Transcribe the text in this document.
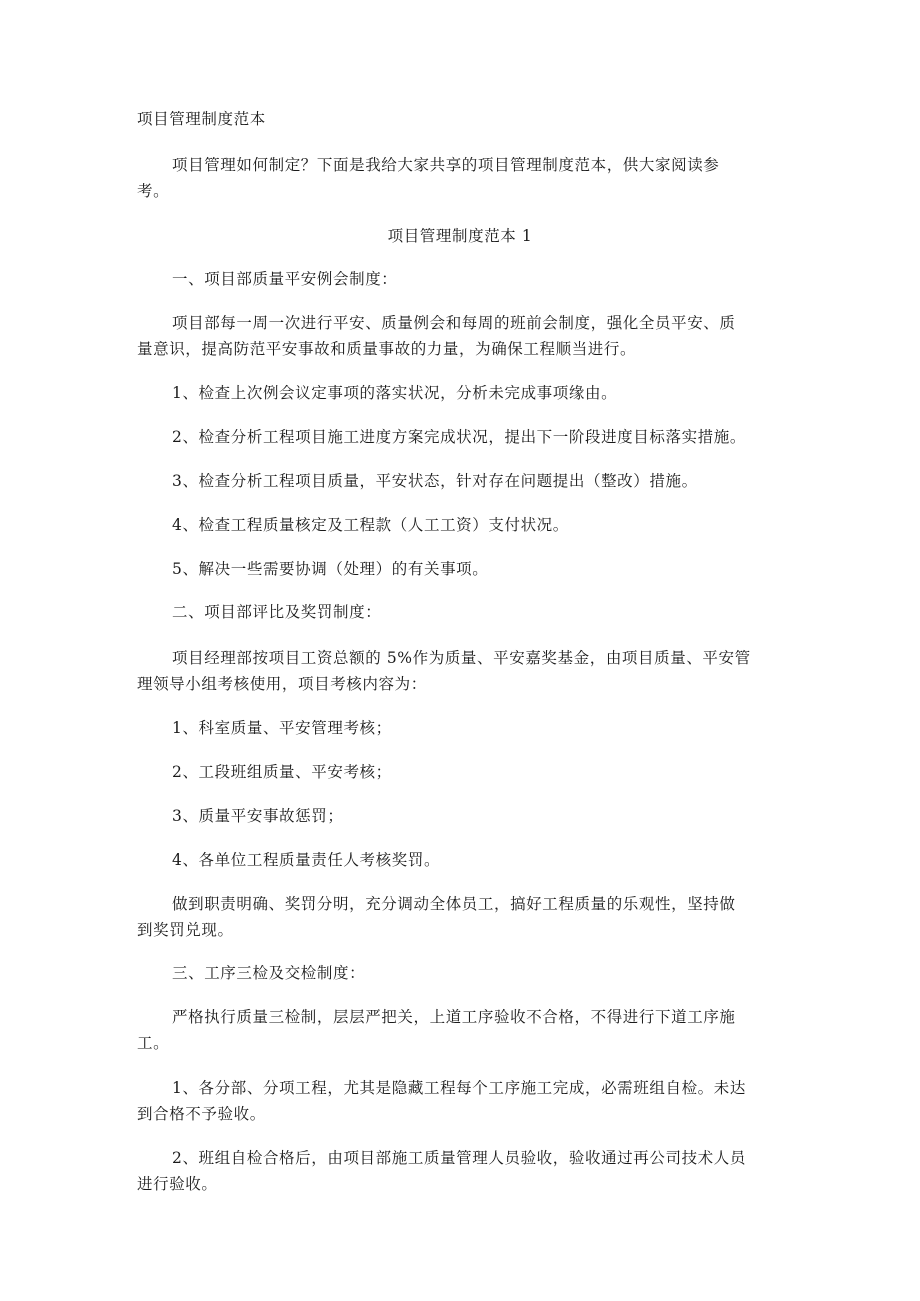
项目管理制度范本
项目管理如何制定？下面是我给大家共享的项目管理制度范本，供大家阅读参
考。
项目管理制度范本 1
一、项目部质量平安例会制度：
项目部每一周一次进行平安、质量例会和每周的班前会制度，强化全员平安、质
量意识，提高防范平安事故和质量事故的力量，为确保工程顺当进行。
1、检查上次例会议定事项的落实状况，分析未完成事项缘由。
2、检查分析工程项目施工进度方案完成状况，提出下一阶段进度目标落实措施。
3、检查分析工程项目质量，平安状态，针对存在问题提出（整改）措施。
4、检查工程质量核定及工程款（人工工资）支付状况。
5、解决一些需要协调（处理）的有关事项。
二、项目部评比及奖罚制度：
项目经理部按项目工资总额的 5%作为质量、平安嘉奖基金，由项目质量、平安管
理领导小组考核使用，项目考核内容为：
1、科室质量、平安管理考核；
2、工段班组质量、平安考核；
3、质量平安事故惩罚；
4、各单位工程质量责任人考核奖罚。
做到职责明确、奖罚分明，充分调动全体员工，搞好工程质量的乐观性，坚持做
到奖罚兑现。
三、工序三检及交检制度：
严格执行质量三检制，层层严把关，上道工序验收不合格，不得进行下道工序施
工。
1、各分部、分项工程，尤其是隐藏工程每个工序施工完成，必需班组自检。未达
到合格不予验收。
2、班组自检合格后，由项目部施工质量管理人员验收，验收通过再公司技术人员
进行验收。
